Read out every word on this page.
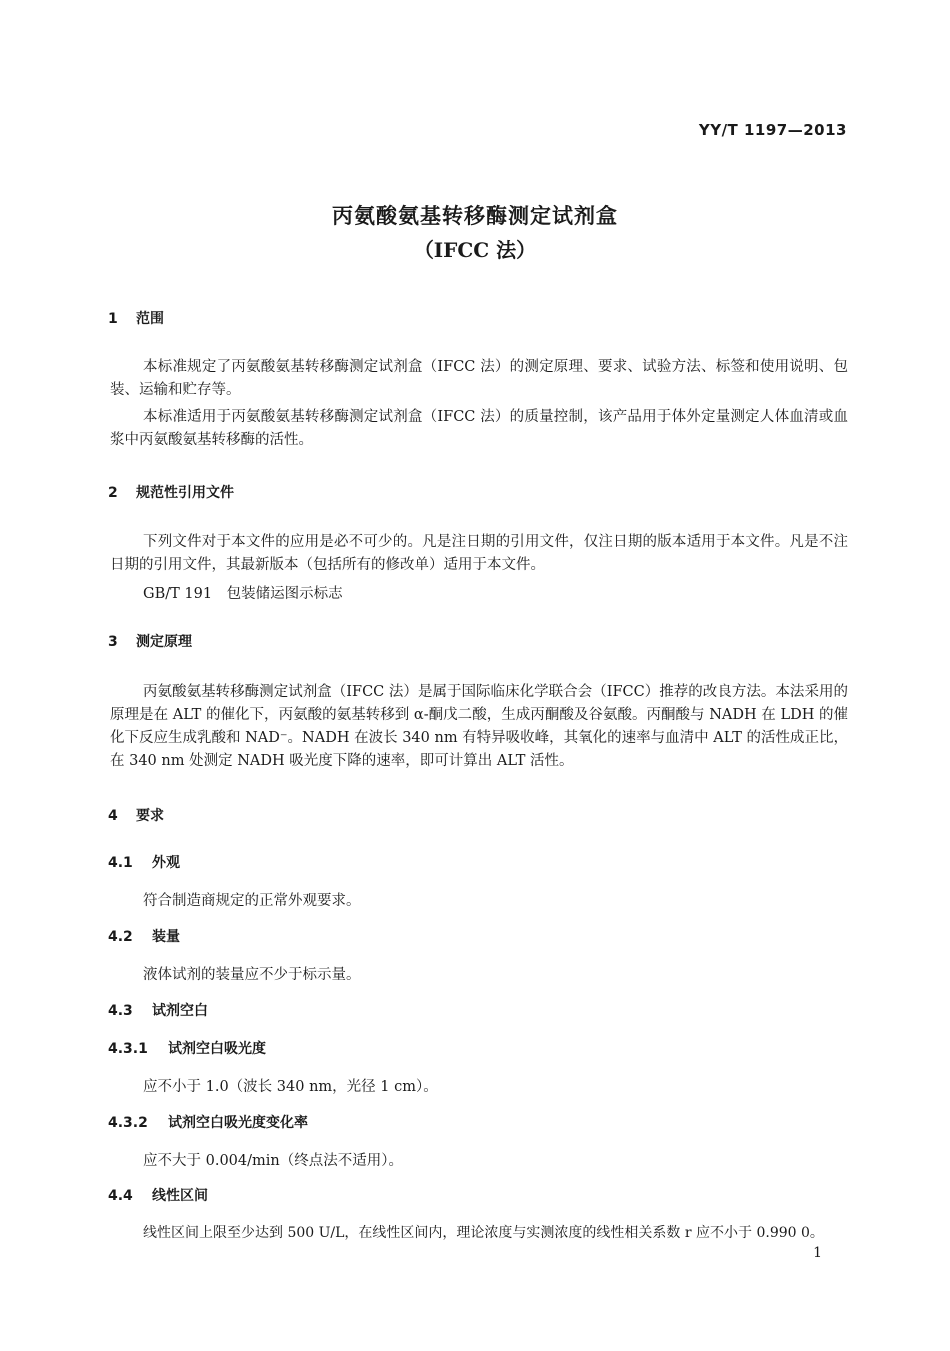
YY/T 1197—2013
丙氨酸氨基转移酶测定试剂盒
（IFCC 法）
1 范围
本标准规定了丙氨酸氨基转移酶测定试剂盒（IFCC 法）的测定原理、要求、试验方法、标签和使用说明、包装、运输和贮存等。
本标准适用于丙氨酸氨基转移酶测定试剂盒（IFCC 法）的质量控制，该产品用于体外定量测定人体血清或血浆中丙氨酸氨基转移酶的活性。
2 规范性引用文件
下列文件对于本文件的应用是必不可少的。凡是注日期的引用文件，仅注日期的版本适用于本文件。凡是不注日期的引用文件，其最新版本（包括所有的修改单）适用于本文件。
GB/T 191　包装储运图示标志
3 测定原理
丙氨酸氨基转移酶测定试剂盒（IFCC 法）是属于国际临床化学联合会（IFCC）推荐的改良方法。本法采用的原理是在 ALT 的催化下，丙氨酸的氨基转移到 α-酮戊二酸，生成丙酮酸及谷氨酸。丙酮酸与 NADH 在 LDH 的催化下反应生成乳酸和 NAD⁻。NADH 在波长 340 nm 有特异吸收峰，其氧化的速率与血清中 ALT 的活性成正比，在 340 nm 处测定 NADH 吸光度下降的速率，即可计算出 ALT 活性。
4 要求
4.1 外观
符合制造商规定的正常外观要求。
4.2 装量
液体试剂的装量应不少于标示量。
4.3 试剂空白
4.3.1 试剂空白吸光度
应不小于 1.0（波长 340 nm，光径 1 cm）。
4.3.2 试剂空白吸光度变化率
应不大于 0.004/min（终点法不适用）。
4.4 线性区间
线性区间上限至少达到 500 U/L，在线性区间内，理论浓度与实测浓度的线性相关系数 r 应不小于 0.990 0。
1
